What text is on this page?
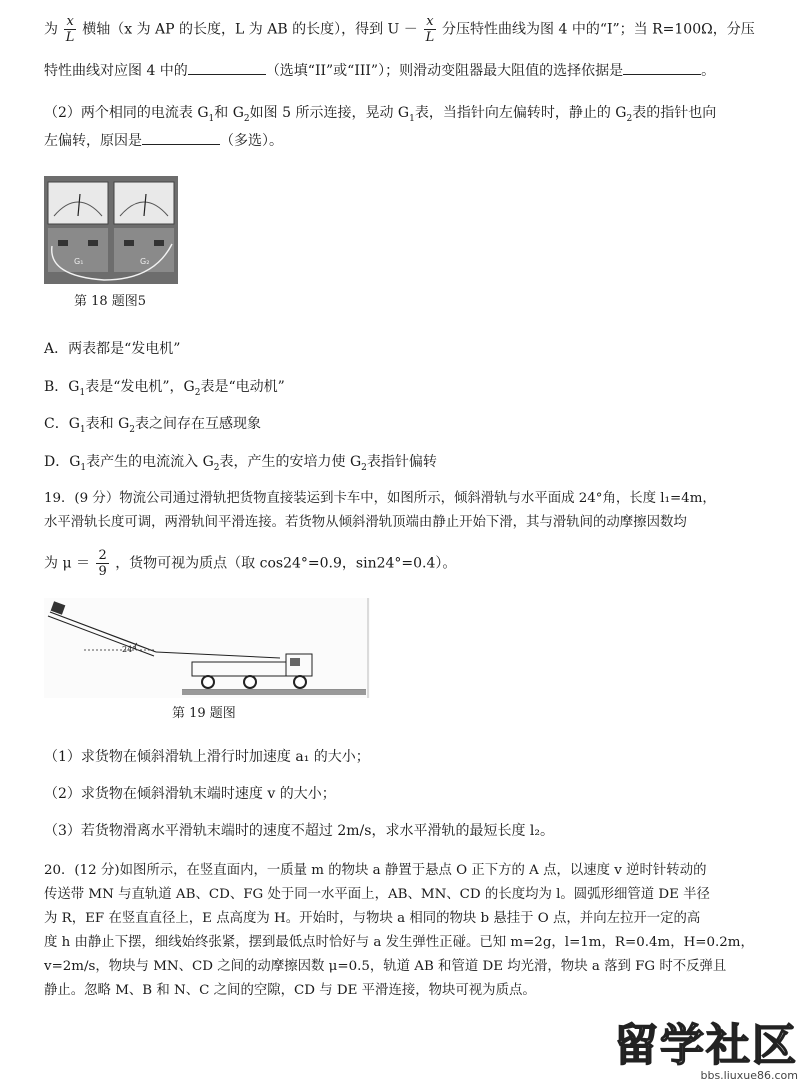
为 $\frac{x}{L}$ 横轴（x 为 AP 的长度，L 为 AB 的长度），得到 $U - \frac{x}{L}$ 分压特性曲线为图 4 中的“I”；当 R=100Ω，分压
特性曲线对应图 4 中的	（选填“II”或“III”）；则滑动变阻器最大阻值的选择依据是	。
（2）两个相同的电流表 $G_1$和 $G_2$如图 5 所示连接，晃动 $G_1$表，当指针向左偏转时，静止的 $G_2$表的指针也向
左偏转，原因是	（多选）。
G₁	G₂
第 18 题图5
A．两表都是“发电机”
B．$G_1$表是“发电机”，$G_2$表是“电动机”
C．$G_1$表和 $G_2$表之间存在互感现象
D．$G_1$表产生的电流流入 $G_2$表，产生的安培力使 $G_2$表指针偏转
19．(9 分）物流公司通过滑轨把货物直接装运到卡车中，如图所示，倾斜滑轨与水平面成 24°角，长度 l₁=4m，
水平滑轨长度可调，两滑轨间平滑连接。若货物从倾斜滑轨顶端由静止开始下滑，其与滑轨间的动摩擦因数均
为 $\mu = \frac{2}{9}$ ，货物可视为质点（取 cos24°=0.9，sin24°=0.4）。
24°
第 19 题图
（1）求货物在倾斜滑轨上滑行时加速度 a₁ 的大小；
（2）求货物在倾斜滑轨末端时速度 v 的大小；
（3）若货物滑离水平滑轨末端时的速度不超过 2m/s，求水平滑轨的最短长度 l₂。
20．(12 分)如图所示，在竖直面内，一质量 m 的物块 a 静置于悬点 O 正下方的 A 点，以速度 v 逆时针转动的
传送带 MN 与直轨道 AB、CD、FG 处于同一水平面上，AB、MN、CD 的长度均为 l。圆弧形细管道 DE 半径
为 R，EF 在竖直直径上，E 点高度为 H。开始时，与物块 a 相同的物块 b 悬挂于 O 点，并向左拉开一定的高
度 h 由静止下摆，细线始终张紧，摆到最低点时恰好与 a 发生弹性正碰。已知 m=2g，l=1m，R=0.4m，H=0.2m，
v=2m/s，物块与 MN、CD 之间的动摩擦因数 μ=0.5，轨道 AB 和管道 DE 均光滑，物块 a 落到 FG 时不反弹且
静止。忽略 M、B 和 N、C 之间的空隙，CD 与 DE 平滑连接，物块可视为质点。
留学社区
bbs.liuxue86.com
